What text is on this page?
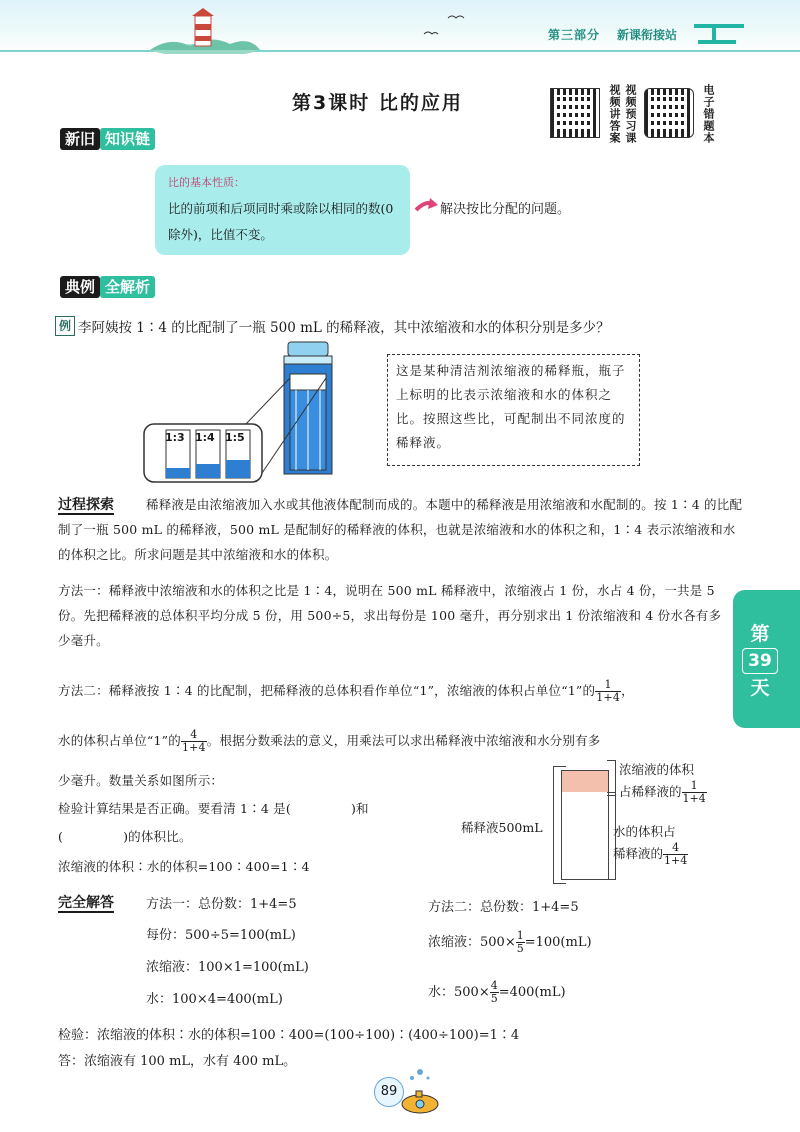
第三部分 新课衔接站
第3课时 比的应用	视频讲答案 视频预习课	电子错题本
新旧 知识链
比的基本性质：
比的前项和后项同时乘或除以相同的数(0除外)，比值不变。
解决按比分配的问题。
典例 全解析
例 李阿姨按 1∶4 的比配制了一瓶 500 mL 的稀释液，其中浓缩液和水的体积分别是多少？
1:3 1:4 1:5
这是某种清洁剂浓缩液的稀释瓶，瓶子上标明的比表示浓缩液和水的体积之比。按照这些比，可配制出不同浓度的稀释液。
过程探索	稀释液是由浓缩液加入水或其他液体配制而成的。本题中的稀释液是用浓缩液和水配制的。按 1∶4 的比配制了一瓶 500 mL 的稀释液，500 mL 是配制好的稀释液的体积，也就是浓缩液和水的体积之和，1∶4 表示浓缩液和水的体积之比。所求问题是其中浓缩液和水的体积。
方法一：稀释液中浓缩液和水的体积之比是 1∶4，说明在 500 mL 稀释液中，浓缩液占 1 份，水占 4 份，一共是 5 份。先把稀释液的总体积平均分成 5 份，用 500÷5，求出每份是 100 毫升，再分别求出 1 份浓缩液和 4 份水各有多少毫升。
方法二：稀释液按 1∶4 的比配制，把稀释液的总体积看作单位“1”，浓缩液的体积占单位“1”的 $\frac{1}{1+4}$ ，
水的体积占单位“1”的 $\frac{4}{1+4}$ 。根据分数乘法的意义，用乘法可以求出稀释液中浓缩液和水分别有多
少毫升。数量关系如图所示：
检验计算结果是否正确。要看清 1∶4 是(	)和
(	)的体积比。
浓缩液的体积∶水的体积=100∶400=1∶4
稀释液500mL
浓缩液的体积
占稀释液的 $\frac{1}{1+4}$
水的体积占
稀释液的 $\frac{4}{1+4}$
第
39
天
完全解答 方法一：总份数：1+4=5
每份：500÷5=100(mL)
浓缩液：100×1=100(mL)
水：100×4=400(mL)
方法二：总份数：1+4=5
浓缩液：$500\times \frac{1}{5} =100(mL)$
水：$500\times \frac{4}{5} =400(mL)$
检验：浓缩液的体积∶水的体积=100∶400=(100÷100)∶(400÷100)=1∶4
答：浓缩液有 100 mL，水有 400 mL。
89
